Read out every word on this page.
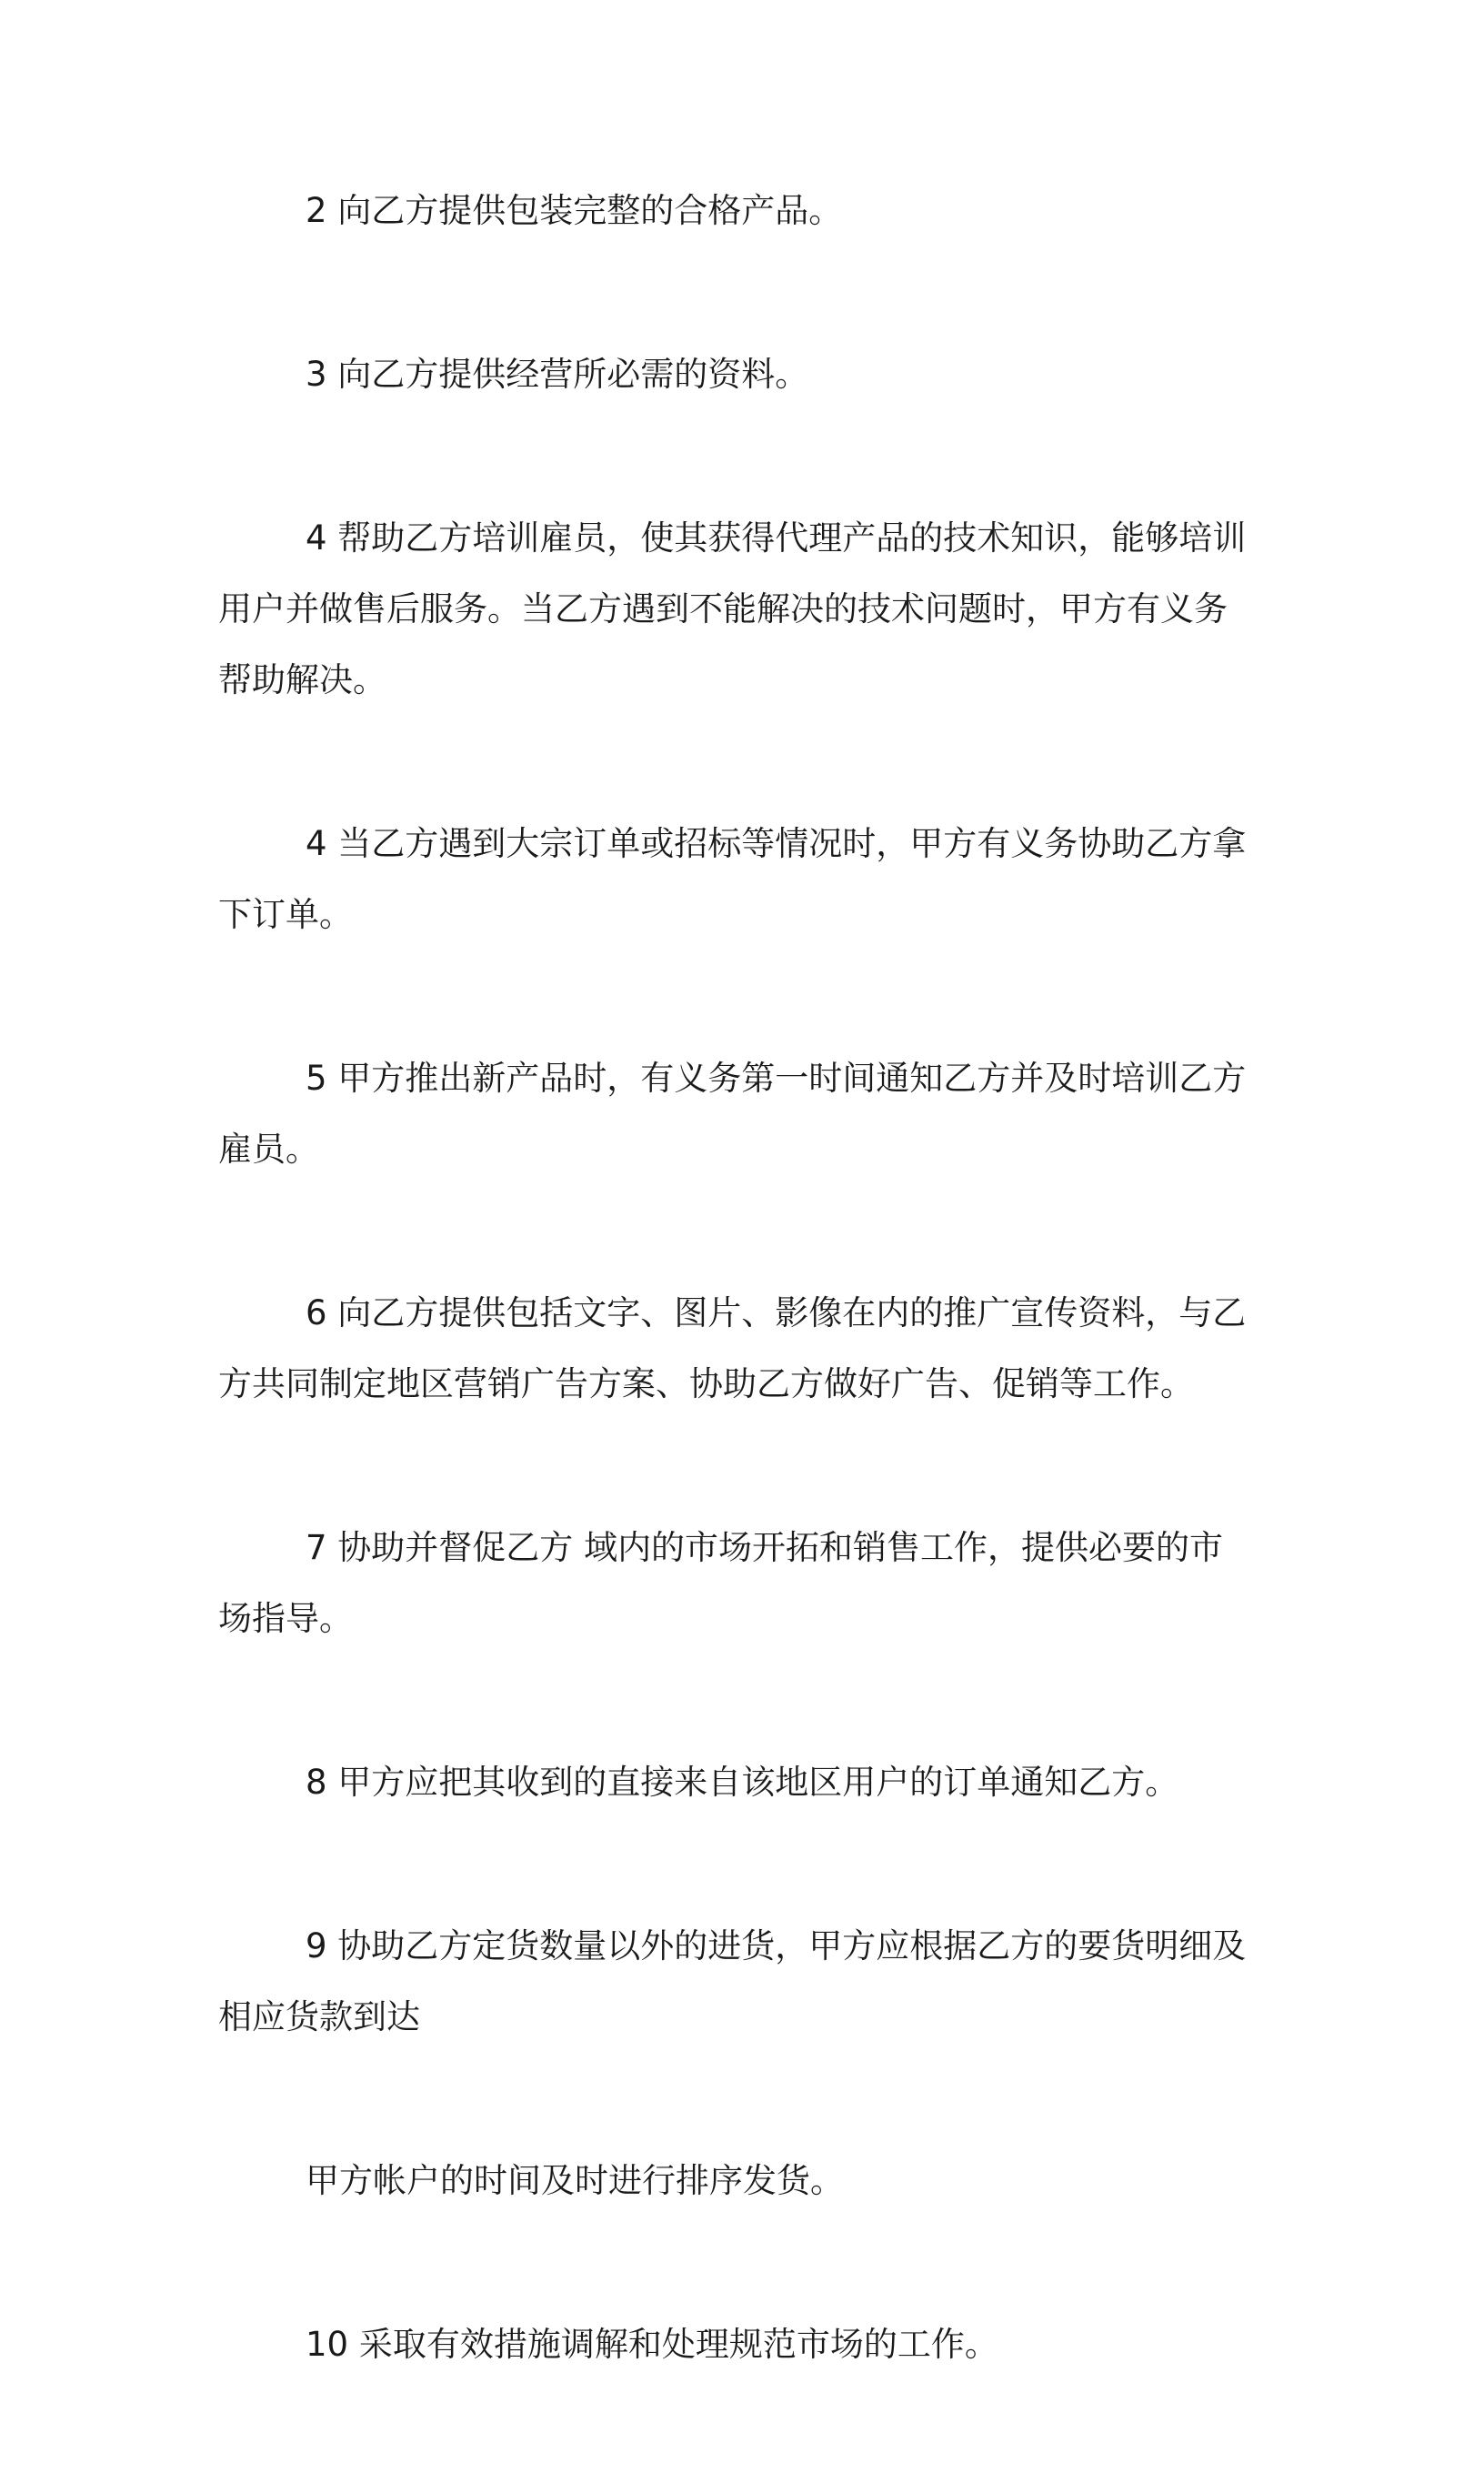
2 向乙方提供包装完整的合格产品。

3 向乙方提供经营所必需的资料。

4 帮助乙方培训雇员，使其获得代理产品的技术知识，能够培训用户并做售后服务。当乙方遇到不能解决的技术问题时，甲方有义务帮助解决。

4 当乙方遇到大宗订单或招标等情况时，甲方有义务协助乙方拿下订单。

5 甲方推出新产品时，有义务第一时间通知乙方并及时培训乙方雇员。

6 向乙方提供包括文字、图片、影像在内的推广宣传资料，与乙方共同制定地区营销广告方案、协助乙方做好广告、促销等工作。

7 协助并督促乙方 域内的市场开拓和销售工作，提供必要的市场指导。

8 甲方应把其收到的直接来自该地区用户的订单通知乙方。

9 协助乙方定货数量以外的进货，甲方应根据乙方的要货明细及相应货款到达

甲方帐户的时间及时进行排序发货。

10 采取有效措施调解和处理规范市场的工作。
